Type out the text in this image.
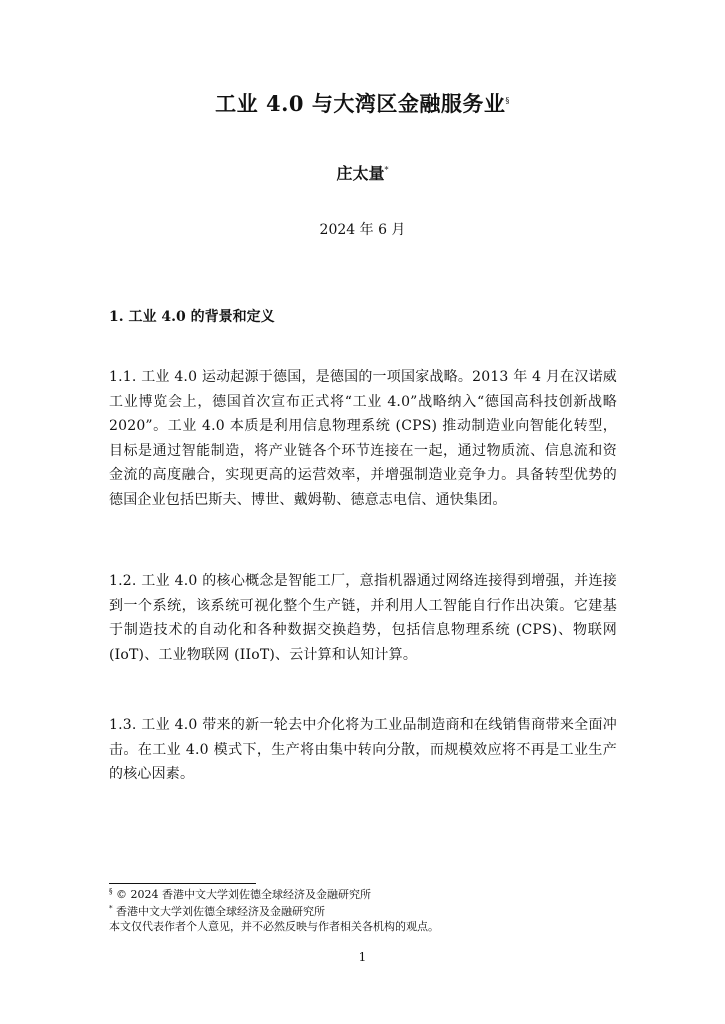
工业 4.0 与大湾区金融服务业§
庄太量*
2024 年 6 月
1. 工业 4.0 的背景和定义

1.1. 工业 4.0 运动起源于德国，是德国的一项国家战略。2013 年 4 月在汉诺威工业博览会上，德国首次宣布正式将“工业 4.0”战略纳入“德国高科技创新战略 2020”。工业 4.0 本质是利用信息物理系统 (CPS) 推动制造业向智能化转型，目标是通过智能制造，将产业链各个环节连接在一起，通过物质流、信息流和资金流的高度融合，实现更高的运营效率，并增强制造业竞争力。具备转型优势的德国企业包括巴斯夫、博世、戴姆勒、德意志电信、通快集团。

1.2. 工业 4.0 的核心概念是智能工厂，意指机器通过网络连接得到增强，并连接到一个系统，该系统可视化整个生产链，并利用人工智能自行作出决策。它建基于制造技术的自动化和各种数据交换趋势，包括信息物理系统 (CPS)、物联网 (IoT)、工业物联网 (IIoT)、云计算和认知计算。

1.3. 工业 4.0 带来的新一轮去中介化将为工业品制造商和在线销售商带来全面冲击。在工业 4.0 模式下，生产将由集中转向分散，而规模效应将不再是工业生产的核心因素。

§ © 2024 香港中文大学刘佐德全球经济及金融研究所
* 香港中文大学刘佐德全球经济及金融研究所
本文仅代表作者个人意见，并不必然反映与作者相关各机构的观点。
1
